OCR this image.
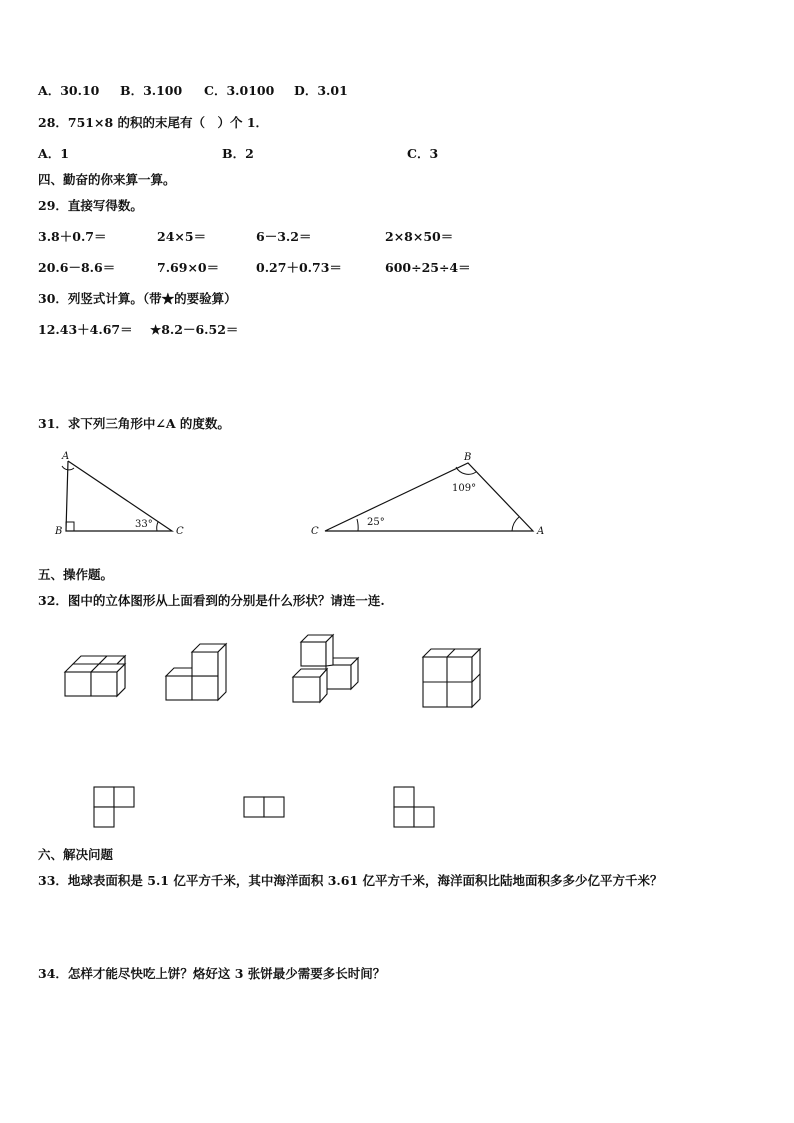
A．30.10 B．3.100 C．3.0100 D．3.01
28．751×8 的积的末尾有（　）个 1．
A．1	B．2	C．3
四、勤奋的你来算一算。
29．直接写得数。
3.8＋0.7＝	24×5＝	6－3.2＝	2×8×50＝
20.6－8.6＝	7.69×0＝	0.27＋0.73＝	600÷25÷4＝
30．列竖式计算。（带★的要验算）
12.43＋4.67＝ ★8.2－6.52＝
31．求下列三角形中∠A 的度数。
A
B	C
33°
B
C	A
109°
25°
五、操作题。
32．图中的立体图形从上面看到的分别是什么形状？请连一连.
六、解决问题
33．地球表面积是 5.1 亿平方千米，其中海洋面积 3.61 亿平方千米，海洋面积比陆地面积多多少亿平方千米？
34．怎样才能尽快吃上饼？烙好这 3 张饼最少需要多长时间？
